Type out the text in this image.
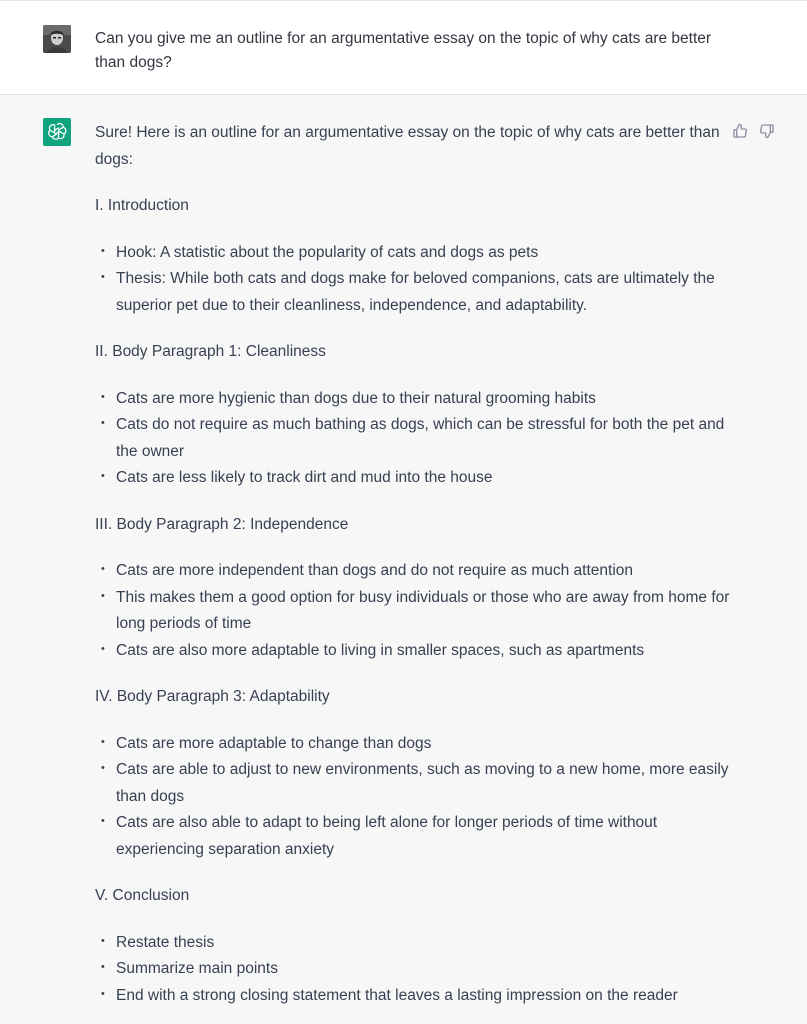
Can you give me an outline for an argumentative essay on the topic of why cats are better than dogs?

Sure! Here is an outline for an argumentative essay on the topic of why cats are better than dogs:

I. Introduction

• Hook: A statistic about the popularity of cats and dogs as pets
• Thesis: While both cats and dogs make for beloved companions, cats are ultimately the superior pet due to their cleanliness, independence, and adaptability.

II. Body Paragraph 1: Cleanliness

• Cats are more hygienic than dogs due to their natural grooming habits
• Cats do not require as much bathing as dogs, which can be stressful for both the pet and the owner
• Cats are less likely to track dirt and mud into the house

III. Body Paragraph 2: Independence

• Cats are more independent than dogs and do not require as much attention
• This makes them a good option for busy individuals or those who are away from home for long periods of time
• Cats are also more adaptable to living in smaller spaces, such as apartments

IV. Body Paragraph 3: Adaptability

• Cats are more adaptable to change than dogs
• Cats are able to adjust to new environments, such as moving to a new home, more easily than dogs
• Cats are also able to adapt to being left alone for longer periods of time without experiencing separation anxiety

V. Conclusion

• Restate thesis
• Summarize main points
• End with a strong closing statement that leaves a lasting impression on the reader
